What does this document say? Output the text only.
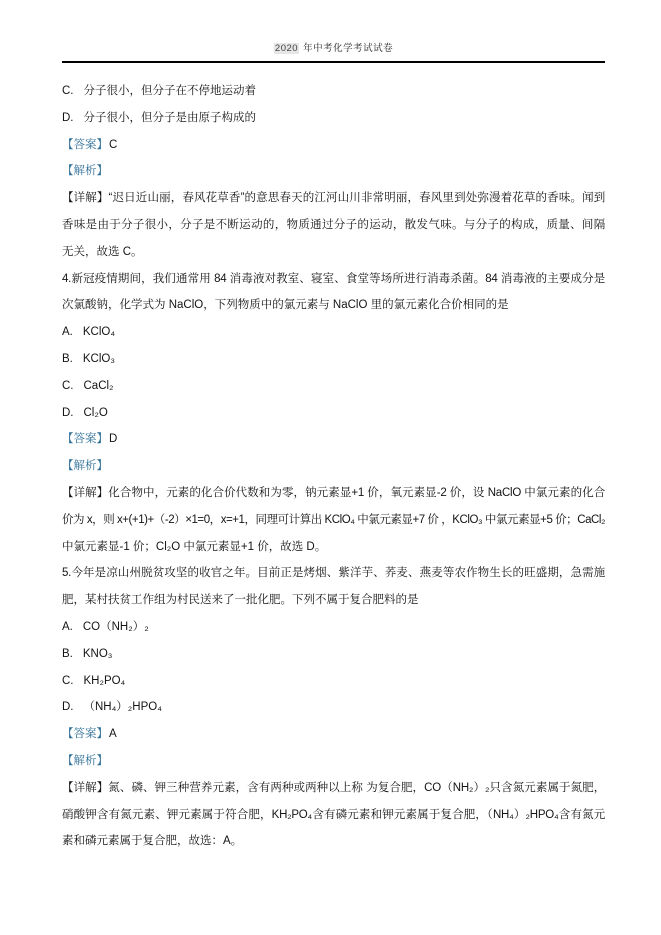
2020 年中考化学考试试卷
C. 分子很小，但分子在不停地运动着
D. 分子很小，但分子是由原子构成的
【答案】C
【解析】
【详解】“迟日近山丽，春风花草香”的意思春天的江河山川非常明丽，春风里到处弥漫着花草的香味。闻到
香味是由于分子很小，分子是不断运动的，物质通过分子的运动，散发气味。与分子的构成，质量、间隔
无关，故选 C。
4.新冠疫情期间，我们通常用 84 消毒液对教室、寝室、食堂等场所进行消毒杀菌。84 消毒液的主要成分是
次氯酸钠，化学式为 NaClO，下列物质中的氯元素与 NaClO 里的氯元素化合价相同的是
A. KClO₄
B. KClO₃
C. CaCl₂
D. Cl₂O
【答案】D
【解析】
【详解】化合物中，元素的化合价代数和为零，钠元素显+1 价，氧元素显-2 价，设 NaClO 中氯元素的化合
价为 x，则 x+(+1)+（-2）×1=0，x=+1，同理可计算出 KClO₄ 中氯元素显+7 价 ，KClO₃ 中氯元素显+5 价；CaCl₂
中氯元素显-1 价；Cl₂O 中氯元素显+1 价，故选 D。
5.今年是凉山州脱贫攻坚的收官之年。目前正是烤烟、紫洋芋、荞麦、燕麦等农作物生长的旺盛期，急需施
肥，某村扶贫工作组为村民送来了一批化肥。下列不属于复合肥料的是
A. CO（NH₂）₂
B. KNO₃
C. KH₂PO₄
D. （NH₄）₂HPO₄
【答案】A
【解析】
【详解】氮、磷、钾三种营养元素，含有两种或两种以上称 为复合肥，CO（NH₂）₂只含氮元素属于氮肥，
硝酸钾含有氮元素、钾元素属于符合肥，KH₂PO₄含有磷元素和钾元素属于复合肥，（NH₄）₂HPO₄含有氮元
素和磷元素属于复合肥，故选：A。
